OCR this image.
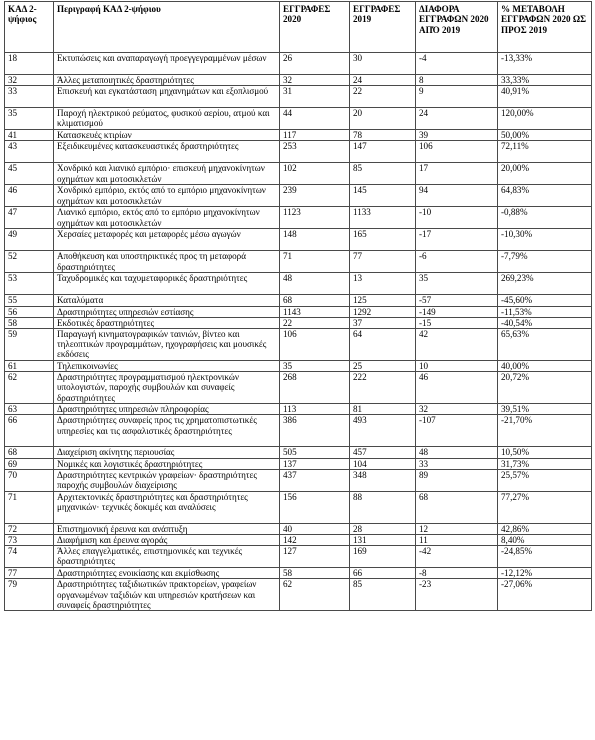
ΚΑΔ 2-ψήφιος	Περιγραφή ΚΑΔ 2-ψήφιου	ΕΓΓΡΑΦΕΣ 2020	ΕΓΓΡΑΦΕΣ 2019	ΔΙΑΦΟΡΑ ΕΓΓΡΑΦΩΝ 2020 ΑΠΌ 2019	% ΜΕΤΑΒΟΛΗ ΕΓΓΡΑΦΩΝ 2020 ΩΣ ΠΡΟΣ 2019
18	Εκτυπώσεις και αναπαραγωγή προεγγεγραμμένων μέσων	26	30	-4	-13,33%
32	Άλλες μεταποιητικές δραστηριότητες	32	24	8	33,33%
33	Επισκευή και εγκατάσταση μηχανημάτων και εξοπλισμού	31	22	9	40,91%
35	Παροχή ηλεκτρικού ρεύματος, φυσικού αερίου, ατμού και κλιματισμού	44	20	24	120,00%
41	Κατασκευές κτιρίων	117	78	39	50,00%
43	Εξειδικευμένες κατασκευαστικές δραστηριότητες	253	147	106	72,11%
45	Χονδρικό και λιανικό εμπόριο· επισκευή μηχανοκίνητων οχημάτων και μοτοσικλετών	102	85	17	20,00%
46	Χονδρικό εμπόριο, εκτός από το εμπόριο μηχανοκίνητων οχημάτων και μοτοσικλετών	239	145	94	64,83%
47	Λιανικό εμπόριο, εκτός από το εμπόριο μηχανοκίνητων οχημάτων και μοτοσικλετών	1123	1133	-10	-0,88%
49	Χερσαίες μεταφορές και μεταφορές μέσω αγωγών	148	165	-17	-10,30%
52	Αποθήκευση και υποστηρικτικές προς τη μεταφορά δραστηριότητες	71	77	-6	-7,79%
53	Ταχυδρομικές και ταχυμεταφορικές δραστηριότητες	48	13	35	269,23%
55	Καταλύματα	68	125	-57	-45,60%
56	Δραστηριότητες υπηρεσιών εστίασης	1143	1292	-149	-11,53%
58	Εκδοτικές δραστηριότητες	22	37	-15	-40,54%
59	Παραγωγή κινηματογραφικών ταινιών, βίντεο και τηλεοπτικών προγραμμάτων, ηχογραφήσεις και μουσικές εκδόσεις	106	64	42	65,63%
61	Τηλεπικοινωνίες	35	25	10	40,00%
62	Δραστηριότητες προγραμματισμού ηλεκτρονικών υπολογιστών, παροχής συμβουλών και συναφείς δραστηριότητες	268	222	46	20,72%
63	Δραστηριότητες υπηρεσιών πληροφορίας	113	81	32	39,51%
66	Δραστηριότητες συναφείς προς τις χρηματοπιστωτικές υπηρεσίες και τις ασφαλιστικές δραστηριότητες	386	493	-107	-21,70%
68	Διαχείριση ακίνητης περιουσίας	505	457	48	10,50%
69	Νομικές και λογιστικές δραστηριότητες	137	104	33	31,73%
70	Δραστηριότητες κεντρικών γραφείων· δραστηριότητες παροχής συμβουλών διαχείρισης	437	348	89	25,57%
71	Αρχιτεκτονικές δραστηριότητες και δραστηριότητες μηχανικών· τεχνικές δοκιμές και αναλύσεις	156	88	68	77,27%
72	Επιστημονική έρευνα και ανάπτυξη	40	28	12	42,86%
73	Διαφήμιση και έρευνα αγοράς	142	131	11	8,40%
74	Άλλες επαγγελματικές, επιστημονικές και τεχνικές δραστηριότητες	127	169	-42	-24,85%
77	Δραστηριότητες ενοικίασης και εκμίσθωσης	58	66	-8	-12,12%
79	Δραστηριότητες ταξιδιωτικών πρακτορείων, γραφείων οργανωμένων ταξιδιών και υπηρεσιών κρατήσεων και συναφείς δραστηριότητες	62	85	-23	-27,06%
